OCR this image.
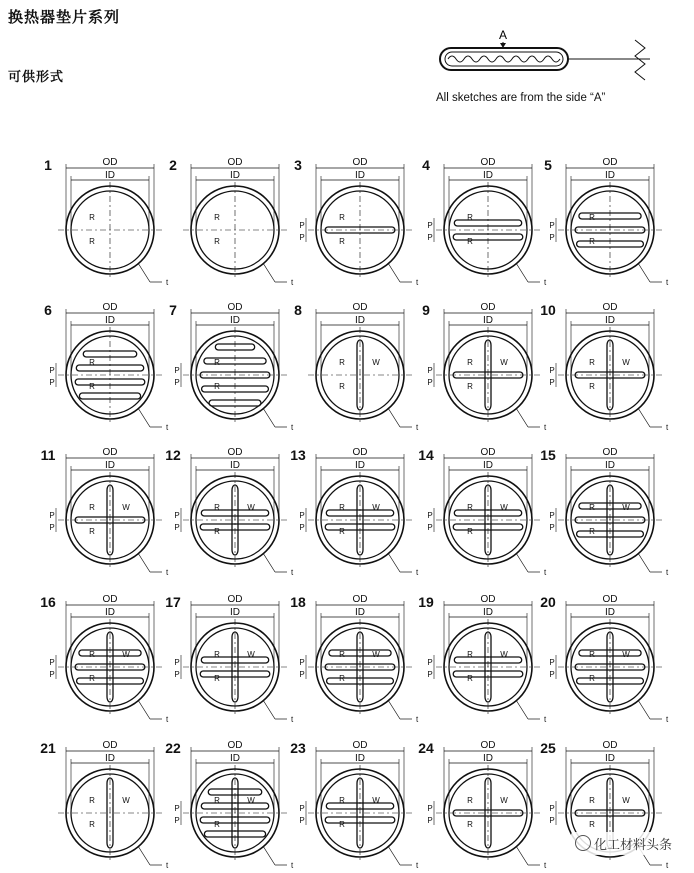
换热器垫片系列
可供形式
A
All sketches are from the side “A”
1	OD
ID
R
R
t
2	OD
ID
R
R
t
3	OD
ID
P
P
R
R
t
4	OD
ID
P
P
R
R
t
5	OD
ID
P
P
R
R
t
6	OD
ID
P
P
R
R
t
7	OD
ID
P
P
R
R
t
8	OD
ID
W
R
R
t
9	OD
ID
P
P
W
R
R
t
10	OD
ID
P
P
W
R
R
t
11	OD
ID
P
P
W
R
R
t
12	OD
ID
P
P
W
R
R
t
13	OD
ID
P
P
W
R
R
t
14	OD
ID
P
P
W
R
R
t
15	OD
ID
P
P
W
R
R
t
16	OD
ID
P
P
W
R
R
t
17	OD
ID
P
P
W
R
R
t
18	OD
ID
P
P
W
R
R
t
19	OD
ID
P
P
W
R
R
t
20	OD
ID
P
P
W
R
R
t
21	OD
ID
W
R
R
t
22	OD
ID
P
P
W
R
R
t
23	OD
ID
P
P
W
R
R
t
24	OD
ID
P
P
W
R
R
t
25	OD
ID
P
P
W
R
R
t
化工材料头条
